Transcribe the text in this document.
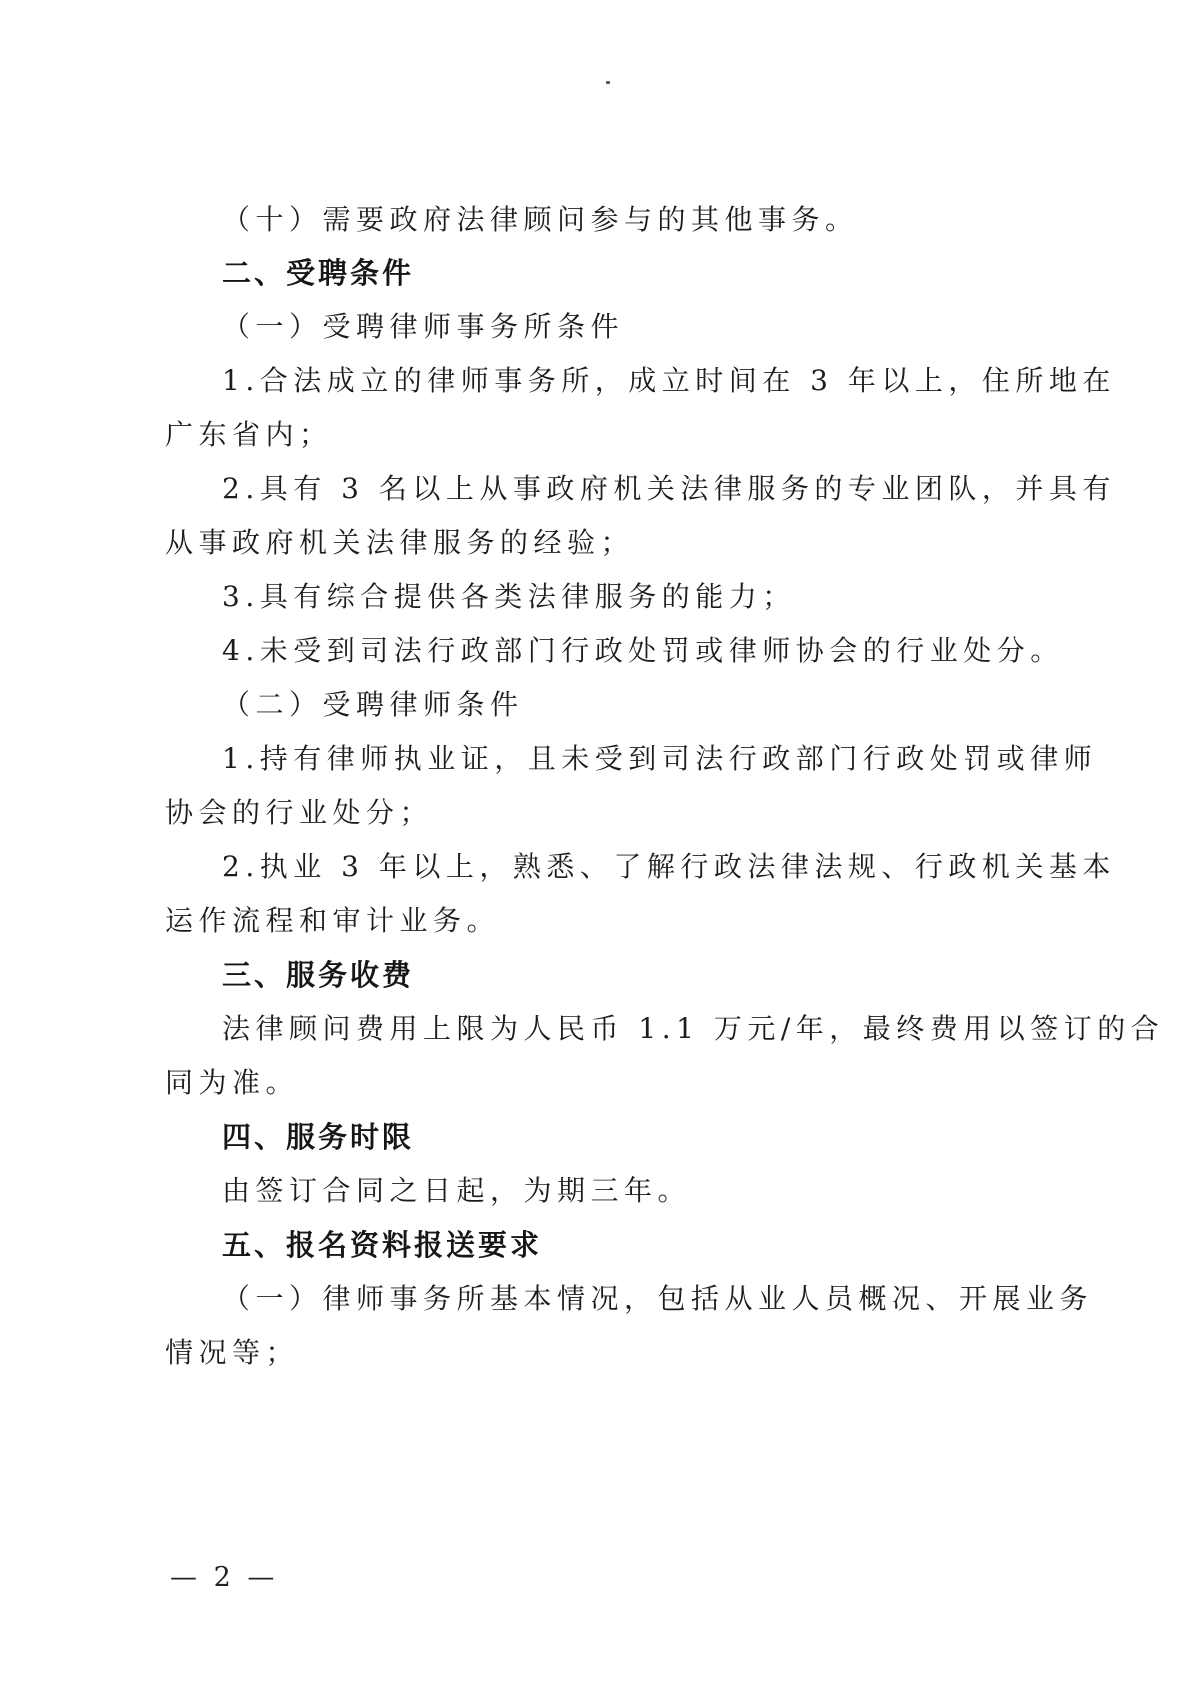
（十）需要政府法律顾问参与的其他事务。
二、受聘条件
（一）受聘律师事务所条件
1.合法成立的律师事务所，成立时间在 3 年以上，住所地在
广东省内；
2.具有 3 名以上从事政府机关法律服务的专业团队，并具有
从事政府机关法律服务的经验；
3.具有综合提供各类法律服务的能力；
4.未受到司法行政部门行政处罚或律师协会的行业处分。
（二）受聘律师条件
1.持有律师执业证，且未受到司法行政部门行政处罚或律师
协会的行业处分；
2.执业 3 年以上，熟悉、了解行政法律法规、行政机关基本
运作流程和审计业务。
三、服务收费
法律顾问费用上限为人民币 1.1 万元/年，最终费用以签订的合
同为准。
四、服务时限
由签订合同之日起，为期三年。
五、报名资料报送要求
（一）律师事务所基本情况，包括从业人员概况、开展业务
情况等；
— 2 —
